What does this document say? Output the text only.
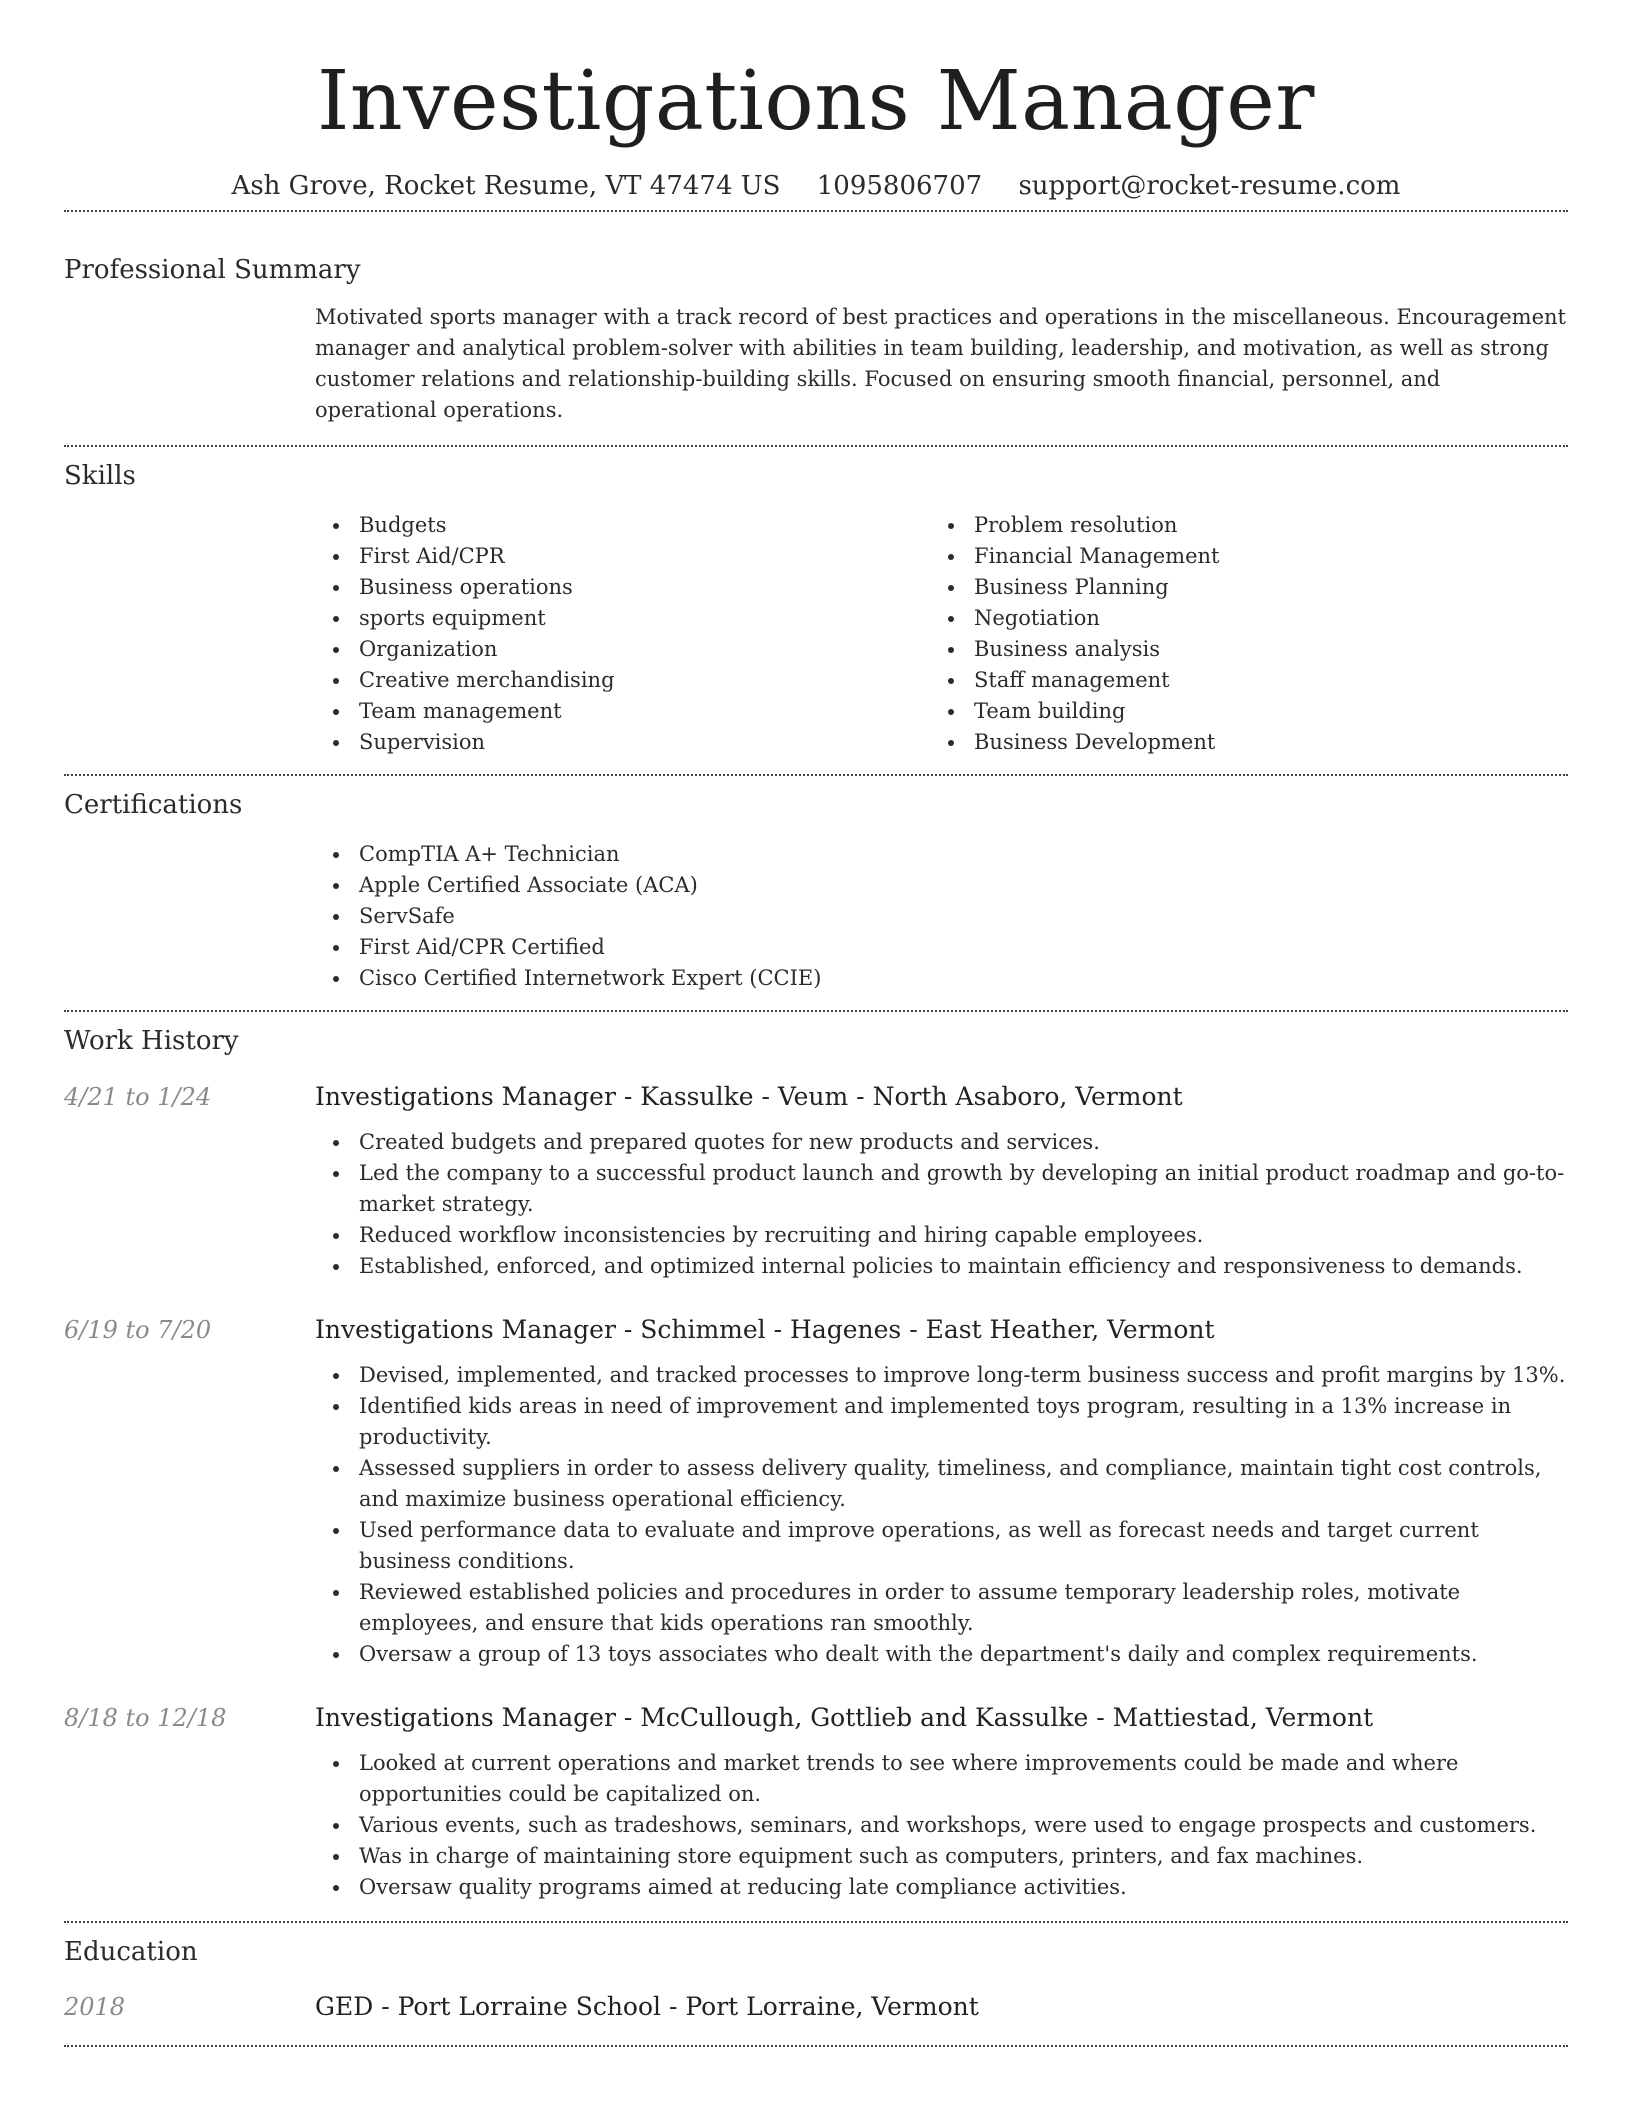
Investigations Manager
Ash Grove, Rocket Resume, VT 47474 US 1095806707 support@rocket-resume.com
Professional Summary
Motivated sports manager with a track record of best practices and operations in the miscellaneous. Encouragement manager and analytical problem-solver with abilities in team building, leadership, and motivation, as well as strong customer relations and relationship-building skills. Focused on ensuring smooth financial, personnel, and operational operations.
Skills
Budgets
First Aid/CPR
Business operations
sports equipment
Organization
Creative merchandising
Team management
Supervision
Problem resolution
Financial Management
Business Planning
Negotiation
Business analysis
Staff management
Team building
Business Development
Certifications
CompTIA A+ Technician
Apple Certified Associate (ACA)
ServSafe
First Aid/CPR Certified
Cisco Certified Internetwork Expert (CCIE)
Work History
4/21 to 1/24	Investigations Manager - Kassulke - Veum - North Asaboro, Vermont
Created budgets and prepared quotes for new products and services.
Led the company to a successful product launch and growth by developing an initial product roadmap and go-to-market strategy.
Reduced workflow inconsistencies by recruiting and hiring capable employees.
Established, enforced, and optimized internal policies to maintain efficiency and responsiveness to demands.
6/19 to 7/20	Investigations Manager - Schimmel - Hagenes - East Heather, Vermont
Devised, implemented, and tracked processes to improve long-term business success and profit margins by 13%.
Identified kids areas in need of improvement and implemented toys program, resulting in a 13% increase in productivity.
Assessed suppliers in order to assess delivery quality, timeliness, and compliance, maintain tight cost controls, and maximize business operational efficiency.
Used performance data to evaluate and improve operations, as well as forecast needs and target current business conditions.
Reviewed established policies and procedures in order to assume temporary leadership roles, motivate employees, and ensure that kids operations ran smoothly.
Oversaw a group of 13 toys associates who dealt with the department's daily and complex requirements.
8/18 to 12/18	Investigations Manager - McCullough, Gottlieb and Kassulke - Mattiestad, Vermont
Looked at current operations and market trends to see where improvements could be made and where opportunities could be capitalized on.
Various events, such as tradeshows, seminars, and workshops, were used to engage prospects and customers.
Was in charge of maintaining store equipment such as computers, printers, and fax machines.
Oversaw quality programs aimed at reducing late compliance activities.
Education
2018	GED - Port Lorraine School - Port Lorraine, Vermont
